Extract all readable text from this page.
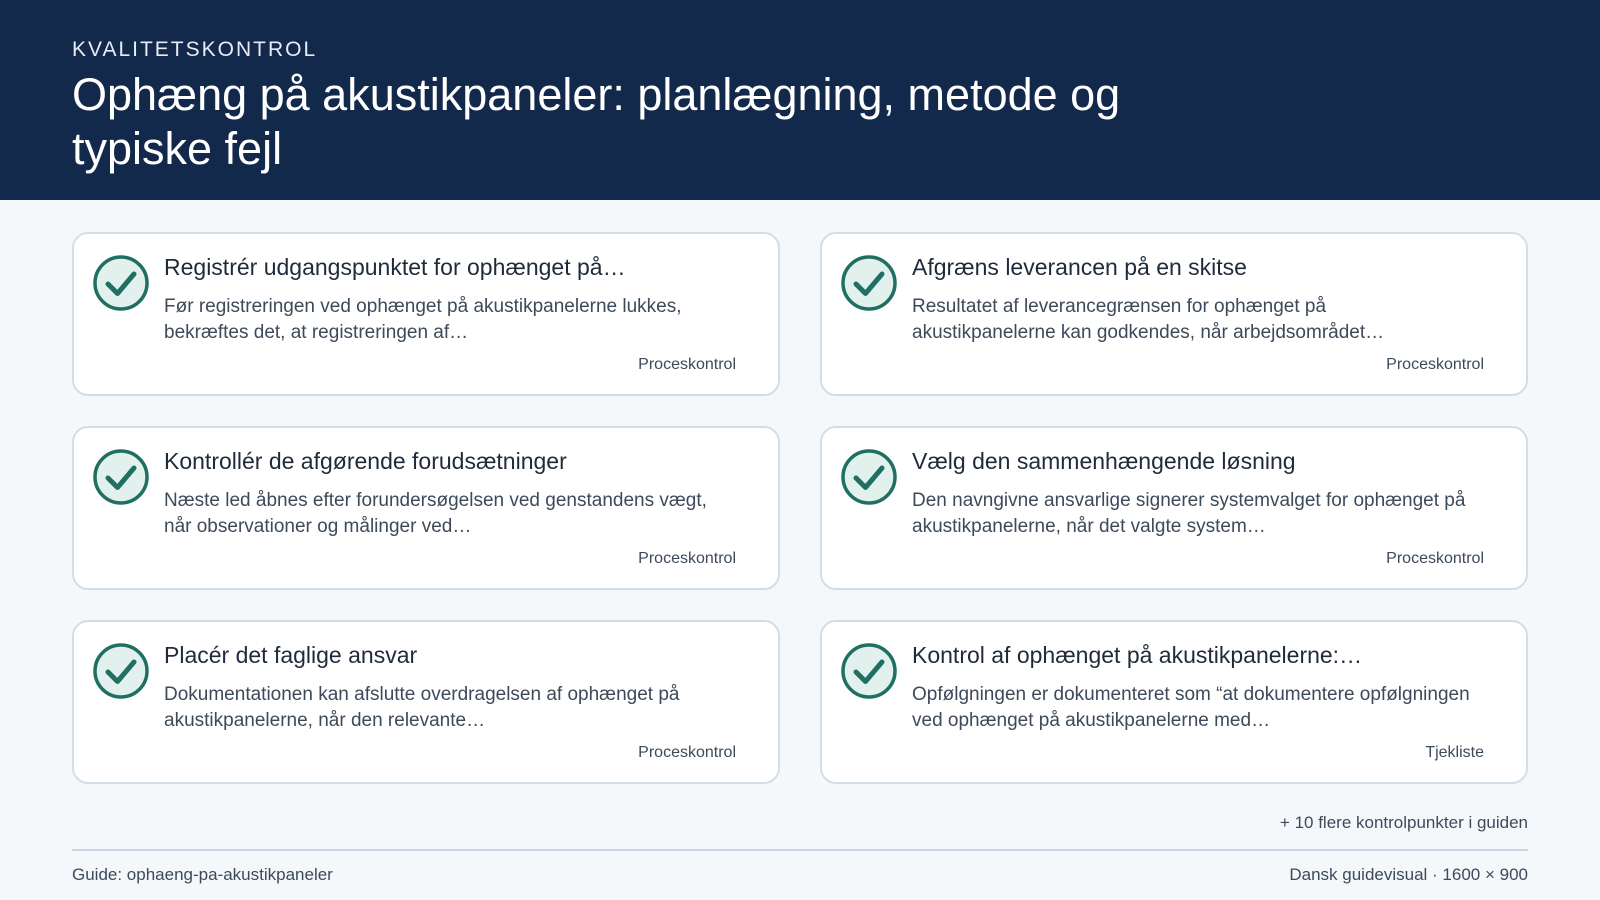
KVALITETSKONTROL
Ophæng på akustikpaneler: planlægning, metode og typiske fejl
Registrér udgangspunktet for ophænget på…
Før registreringen ved ophænget på akustikpanelerne lukkes, bekræftes det, at registreringen af…
Proceskontrol
Afgræns leverancen på en skitse
Resultatet af leverancegrænsen for ophænget på akustikpanelerne kan godkendes, når arbejdsområdet…
Proceskontrol
Kontrollér de afgørende forudsætninger
Næste led åbnes efter forundersøgelsen ved genstandens vægt, når observationer og målinger ved…
Proceskontrol
Vælg den sammenhængende løsning
Den navngivne ansvarlige signerer systemvalget for ophænget på akustikpanelerne, når det valgte system…
Proceskontrol
Placér det faglige ansvar
Dokumentationen kan afslutte overdragelsen af ophænget på akustikpanelerne, når den relevante…
Proceskontrol
Kontrol af ophænget på akustikpanelerne:…
Opfølgningen er dokumenteret som “at dokumentere opfølgningen ved ophænget på akustikpanelerne med…
Tjekliste
+ 10 flere kontrolpunkter i guiden
Guide: ophaeng-pa-akustikpaneler	Dansk guidevisual · 1600 × 900
